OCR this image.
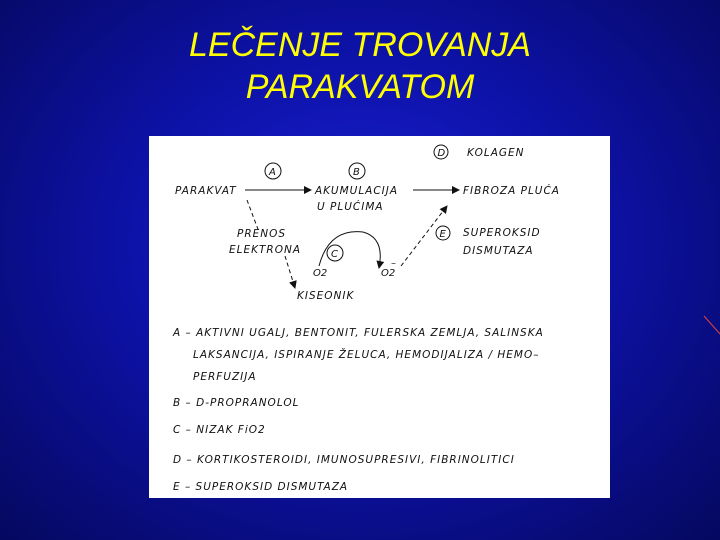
LEČENJE TROVANJA
PARAKVATOM
D KOLAGEN
A	B
PARAKVAT	AKUMULACIJA
U PLUĆIMA
FIBROZA PLUĆA
PRENOS
ELEKTRONA	C
O2	O2
–
KISEONIK
E SUPEROKSID
DISMUTAZA
A – AKTIVNI UGALJ, BENTONIT, FULERSKA ZEMLJA, SALINSKA
LAKSANCIJA, ISPIRANJE ŽELUCA, HEMODIJALIZA / HEMO–
PERFUZIJA
B – D-PROPRANOLOL
C – NIZAK FiO2
D – KORTIKOSTEROIDI, IMUNOSUPRESIVI, FIBRINOLITICI
E – SUPEROKSID DISMUTAZA
